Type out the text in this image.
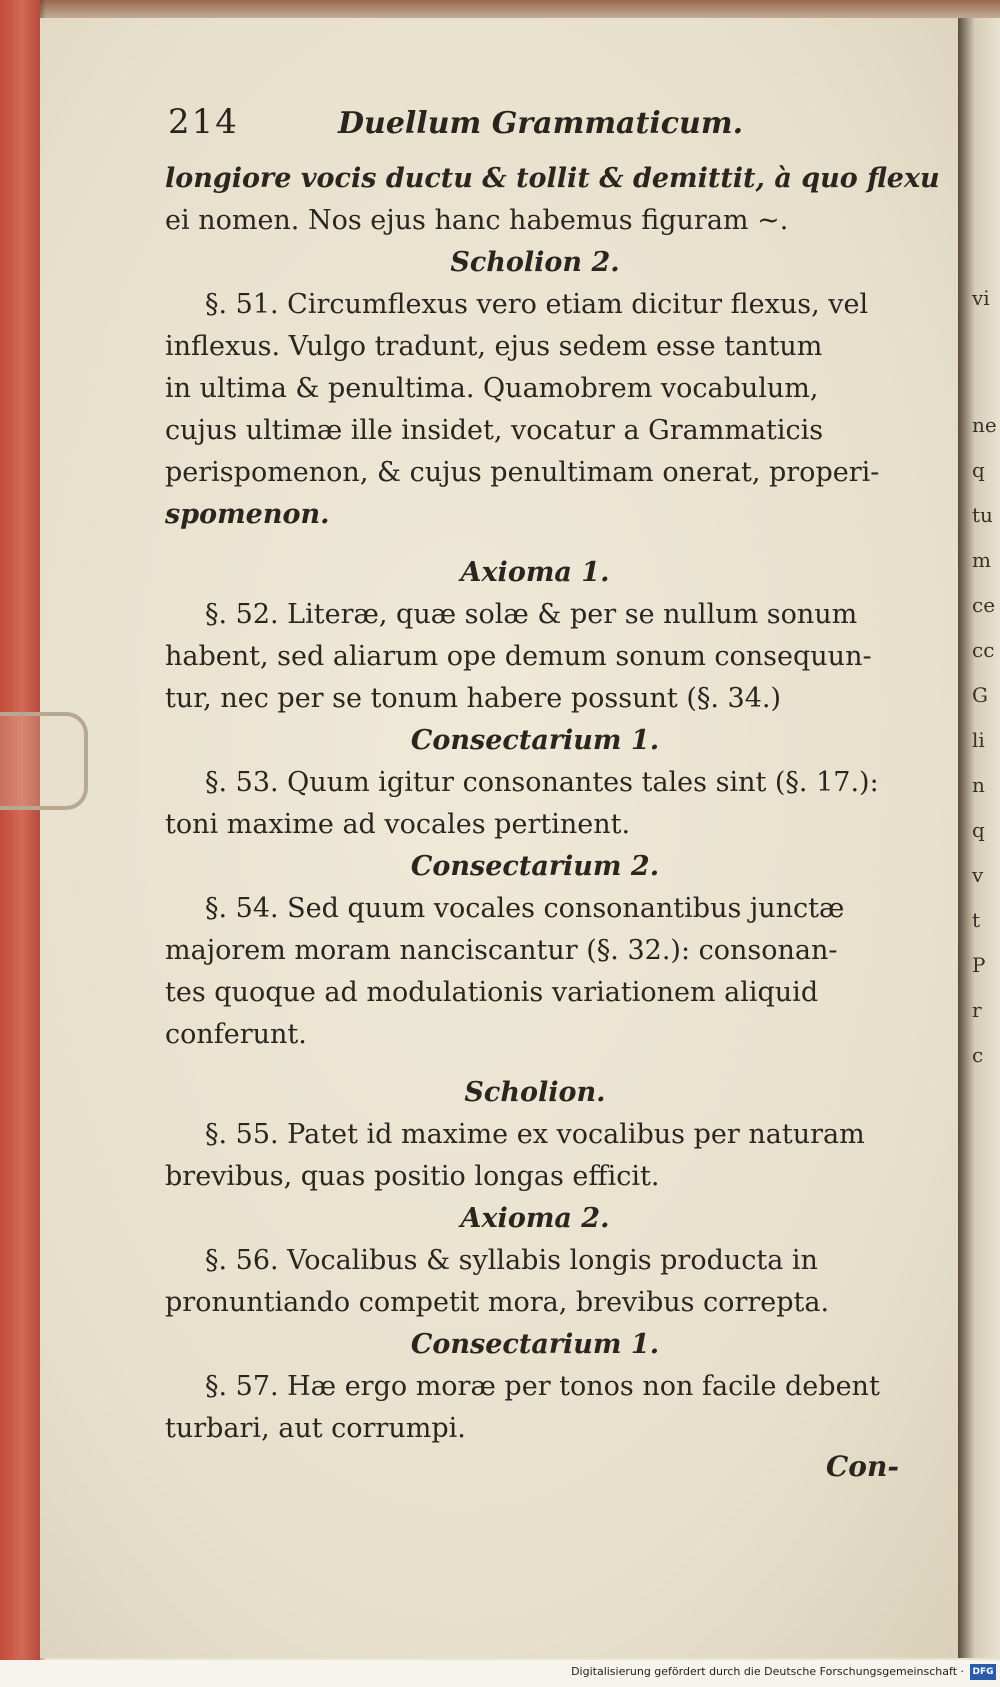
vi
ne
q
tu
m
ce
cc
G
li
n
q
v
t
P
r
c
214	Duellum Grammaticum.
longiore vocis ductu & tollit & demittit, à quo flexu
ei nomen. Nos ejus hanc habemus figuram ~.
Scholion 2.
§. 51. Circumflexus vero etiam dicitur flexus, vel
inflexus. Vulgo tradunt, ejus sedem esse tantum
in ultima & penultima. Quamobrem vocabulum,
cujus ultimæ ille insidet, vocatur a Grammaticis
perispomenon, & cujus penultimam onerat, properi-
spomenon.
Axioma 1.
§. 52. Literæ, quæ solæ & per se nullum sonum
habent, sed aliarum ope demum sonum consequun-
tur, nec per se tonum habere possunt (§. 34.)
Consectarium 1.
§. 53. Quum igitur consonantes tales sint (§. 17.):
toni maxime ad vocales pertinent.
Consectarium 2.
§. 54. Sed quum vocales consonantibus junctæ
majorem moram nanciscantur (§. 32.): consonan-
tes quoque ad modulationis variationem aliquid
conferunt.
Scholion.
§. 55. Patet id maxime ex vocalibus per naturam
brevibus, quas positio longas efficit.
Axioma 2.
§. 56. Vocalibus & syllabis longis producta in
pronuntiando competit mora, brevibus correpta.
Consectarium 1.
§. 57. Hæ ergo moræ per tonos non facile debent
turbari, aut corrumpi.
Con-
Digitalisierung gefördert durch die Deutsche Forschungsgemeinschaft · DFG
